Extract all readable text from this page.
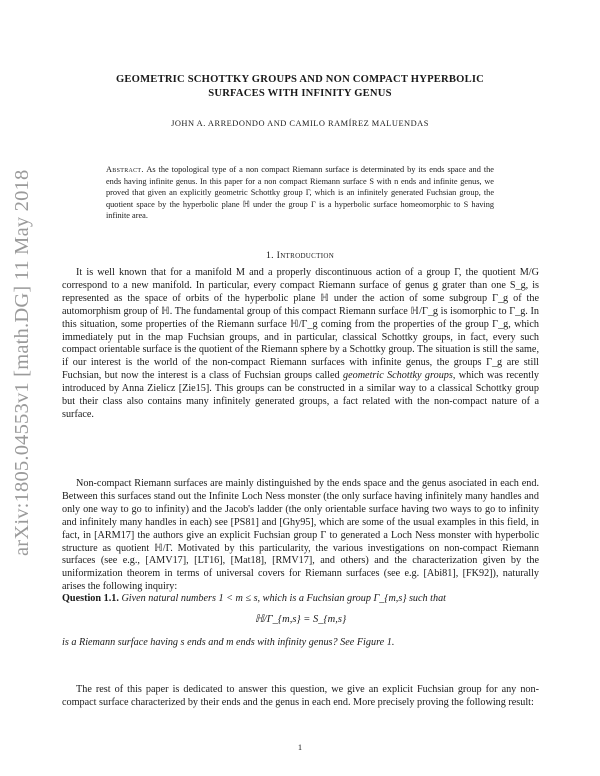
arXiv:1805.04553v1 [math.DG] 11 May 2018
GEOMETRIC SCHOTTKY GROUPS AND NON COMPACT HYPERBOLIC
SURFACES WITH INFINITY GENUS
JOHN A. ARREDONDO AND CAMILO RAMÍREZ MALUENDAS
Abstract. As the topological type of a non compact Riemann surface is determinated by its ends space and the ends having infinite genus. In this paper for a non compact Riemann surface S with n ends and infinite genus, we proved that given an explicitly geometric Schottky group Γ, which is an infinitely generated Fuchsian group, the quotient space by the hyperbolic plane ℍ under the group Γ is a hyperbolic surface homeomorphic to S having infinite area.
1. Introduction

It is well known that for a manifold M and a properly discontinuous action of a group Γ, the quotient M/G correspond to a new manifold. In particular, every compact Riemann surface of genus g grater than one S_g, is represented as the space of orbits of the hyperbolic plane ℍ under the action of some subgroup Γ_g of the automorphism group of ℍ. The fundamental group of this compact Riemann surface ℍ/Γ_g is isomorphic to Γ_g. In this situation, some properties of the Riemann surface ℍ/Γ_g coming from the properties of the group Γ_g, which immediately put in the map Fuchsian groups, and in particular, classical Schottky groups, in fact, every such compact orientable surface is the quotient of the Riemann sphere by a Schottky group. The situation is still the same, if our interest is the world of the non-compact Riemann surfaces with infinite genus, the groups Γ_g are still Fuchsian, but now the interest is a class of Fuchsian groups called geometric Schottky groups, which was recently introduced by Anna Zielicz [Zie15]. This groups can be constructed in a similar way to a classical Schottky group but their class also contains many infinitely generated groups, a fact related with the non-compact nature of a surface.

Non-compact Riemann surfaces are mainly distinguished by the ends space and the genus asociated in each end. Between this surfaces stand out the Infinite Loch Ness monster (the only surface having infinitely many handles and only one way to go to infinity) and the Jacob's ladder (the only orientable surface having two ways to go to infinity and infinitely many handles in each) see [PS81] and [Ghy95], which are some of the usual examples in this field, in fact, in [ARM17] the authors give an explicit Fuchsian group Γ to generated a Loch Ness monster with hyperbolic structure as quotient ℍ/Γ. Motivated by this particularity, the various investigations on non-compact Riemann surfaces (see e.g., [AMV17], [LT16], [Mat18], [RMV17], and others) and the characterization given by the uniformization theorem in terms of universal covers for Riemann surfaces (see e.g. [Abi81], [FK92]), naturally arises the following inquiry:

Question 1.1. Given natural numbers 1 < m ≤ s, which is a Fuchsian group Γ_{m,s} such that
ℍ/Γ_{m,s} = S_{m,s}
is a Riemann surface having s ends and m ends with infinity genus? See Figure 1.

The rest of this paper is dedicated to answer this question, we give an explicit Fuchsian group for any non-compact surface characterized by their ends and the genus in each end. More precisely proving the following result:

1
